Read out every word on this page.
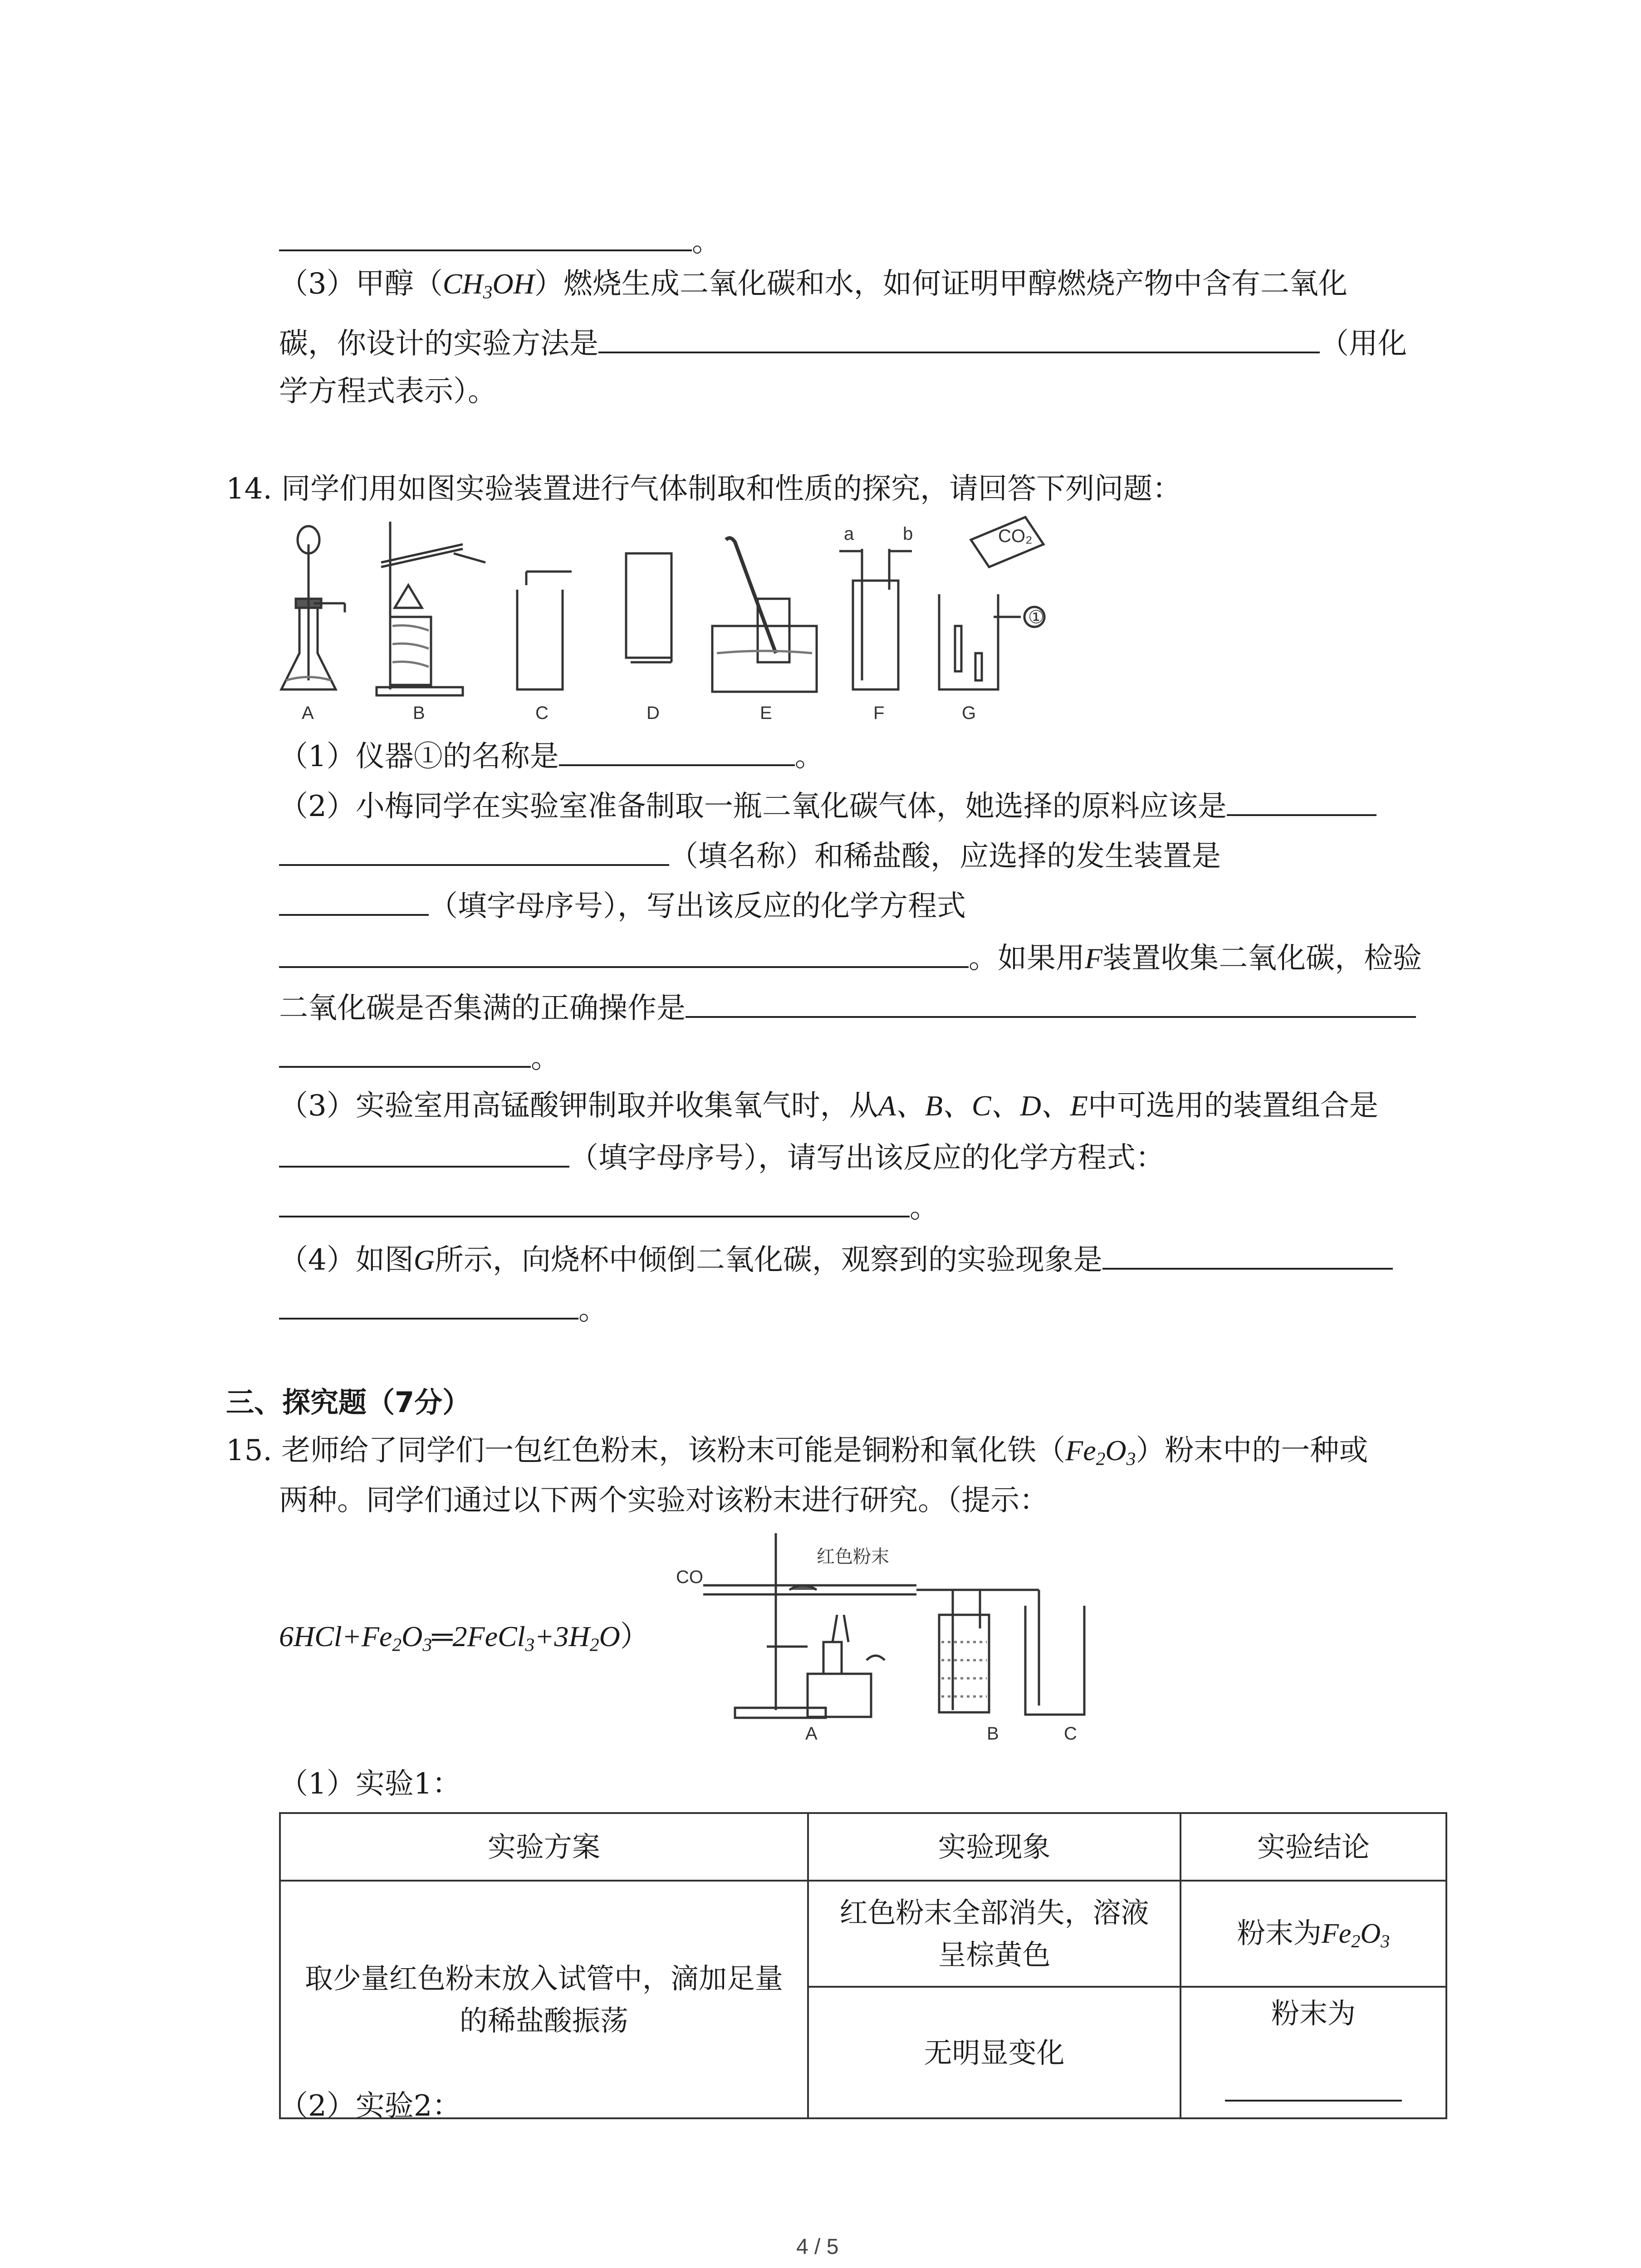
。
（3）甲醇$(CH_3OH)$燃烧生成二氧化碳和水，如何证明甲醇燃烧产物中含有二氧化
碳，你设计的实验方法是	（用化
学方程式表示）。
14. 同学们用如图实验装置进行气体制取和性质的探究，请回答下列问题：
a	b	CO₂
①
A	B	C	D	E	F	G
（1）仪器①的名称是	。
（2）小梅同学在实验室准备制取一瓶二氧化碳气体，她选择的原料应该是
（填名称）和稀盐酸，应选择的发生装置是
（填字母序号），写出该反应的化学方程式
。如果用F装置收集二氧化碳，检验
二氧化碳是否集满的正确操作是
。
（3）实验室用高锰酸钾制取并收集氧气时，从A、B、C、D、E中可选用的装置组合是
（填字母序号），请写出该反应的化学方程式：
。
（4）如图G所示，向烧杯中倾倒二氧化碳，观察到的实验现象是
。
三、探究题（7分）
15. 老师给了同学们一包红色粉末，该粉末可能是铜粉和氧化铁$(Fe_2O_3)$粉末中的一种或
两种。同学们通过以下两个实验对该粉末进行研究。（提示：
$6HCl+Fe_2O_3═2FeCl_3+3H_2O$）
CO
红色粉末
A	B	C
（1）实验1：
实验方案	实验现象	实验结论
取少量红色粉末放入试管中，滴加足量的稀盐酸振荡	红色粉末全部消失，溶液呈棕黄色	粉末为$Fe_2O_3$
	无明显变化	粉末为
（2）实验2：
4 / 5
